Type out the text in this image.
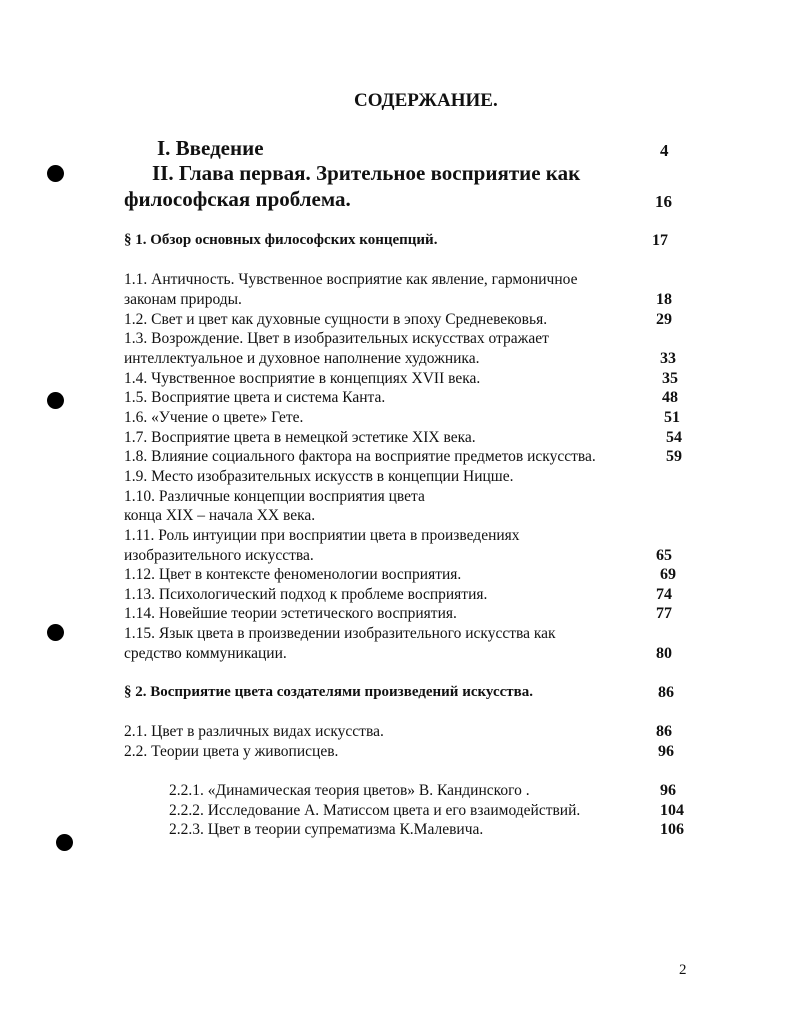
СОДЕРЖАНИЕ.
I. Введение	4
II. Глава первая. Зрительное восприятие как
философская проблема.	16
§ 1. Обзор основных философских концепций.	17
1.1. Античность. Чувственное восприятие как явление, гармоничное
законам природы.	18
1.2. Свет и цвет как духовные сущности в эпоху Средневековья.	29
1.3. Возрождение. Цвет в изобразительных искусствах отражает
интеллектуальное и духовное наполнение художника.	33
1.4. Чувственное восприятие в концепциях XVII века.	35
1.5. Восприятие цвета и система Канта.	48
1.6. «Учение о цвете» Гете.	51
1.7. Восприятие цвета в немецкой эстетике XIX века.	54
1.8. Влияние социального фактора на восприятие предметов искусства.	59
1.9. Место изобразительных искусств в концепции Ницше.
1.10. Различные концепции восприятия цвета
конца XIX – начала XX века.
1.11. Роль интуиции при восприятии цвета в произведениях
изобразительного искусства.	65
1.12. Цвет в контексте феноменологии восприятия.	69
1.13. Психологический подход к проблеме восприятия.	74
1.14. Новейшие теории эстетического восприятия.	77
1.15. Язык цвета в произведении изобразительного искусства как
средство коммуникации.	80
§ 2. Восприятие цвета создателями произведений искусства.	86
2.1. Цвет в различных видах искусства.	86
2.2. Теории цвета у живописцев.	96
2.2.1. «Динамическая теория цветов» В. Кандинского .	96
2.2.2. Исследование А. Матиссом цвета и его взаимодействий.	104
2.2.3. Цвет в теории супрематизма К.Малевича.	106
2
